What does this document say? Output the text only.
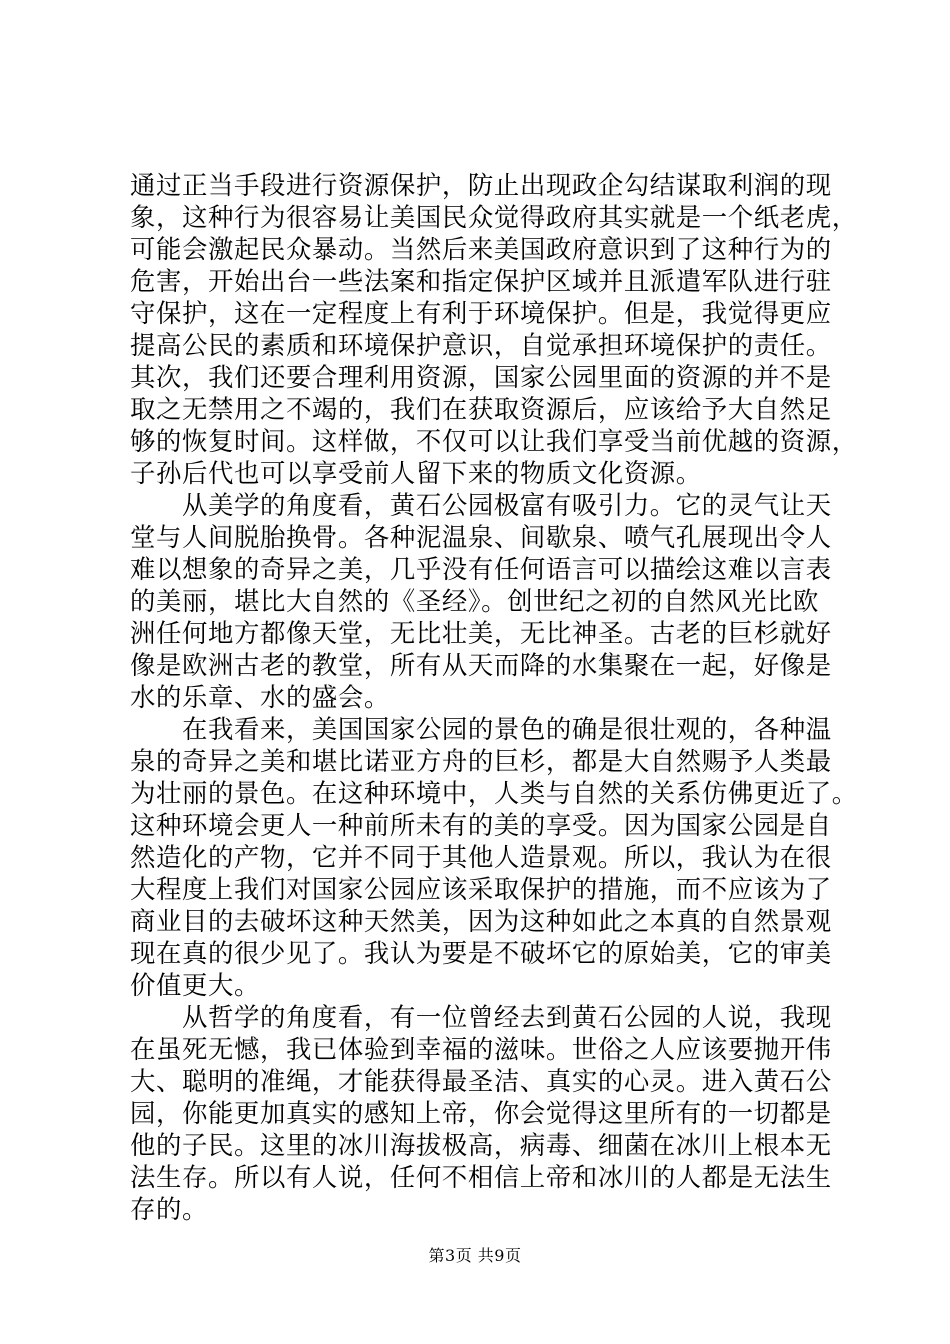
通过正当手段进行资源保护，防止出现政企勾结谋取利润的现
象，这种行为很容易让美国民众觉得政府其实就是一个纸老虎，
可能会激起民众暴动。当然后来美国政府意识到了这种行为的
危害，开始出台一些法案和指定保护区域并且派遣军队进行驻
守保护，这在一定程度上有利于环境保护。但是，我觉得更应
提高公民的素质和环境保护意识，自觉承担环境保护的责任。
其次，我们还要合理利用资源，国家公园里面的资源的并不是
取之无禁用之不竭的，我们在获取资源后，应该给予大自然足
够的恢复时间。这样做，不仅可以让我们享受当前优越的资源，
子孙后代也可以享受前人留下来的物质文化资源。
　　从美学的角度看，黄石公园极富有吸引力。它的灵气让天
堂与人间脱胎换骨。各种泥温泉、间歇泉、喷气孔展现出令人
难以想象的奇异之美，几乎没有任何语言可以描绘这难以言表
的美丽，堪比大自然的《圣经》。创世纪之初的自然风光比欧
洲任何地方都像天堂，无比壮美，无比神圣。古老的巨杉就好
像是欧洲古老的教堂，所有从天而降的水集聚在一起，好像是
水的乐章、水的盛会。
　　在我看来，美国国家公园的景色的确是很壮观的，各种温
泉的奇异之美和堪比诺亚方舟的巨杉，都是大自然赐予人类最
为壮丽的景色。在这种环境中，人类与自然的关系仿佛更近了。
这种环境会更人一种前所未有的美的享受。因为国家公园是自
然造化的产物，它并不同于其他人造景观。所以，我认为在很
大程度上我们对国家公园应该采取保护的措施，而不应该为了
商业目的去破坏这种天然美，因为这种如此之本真的自然景观
现在真的很少见了。我认为要是不破坏它的原始美，它的审美
价值更大。
　　从哲学的角度看，有一位曾经去到黄石公园的人说，我现
在虽死无憾，我已体验到幸福的滋味。世俗之人应该要抛开伟
大、聪明的准绳，才能获得最圣洁、真实的心灵。进入黄石公
园，你能更加真实的感知上帝，你会觉得这里所有的一切都是
他的子民。这里的冰川海拔极高，病毒、细菌在冰川上根本无
法生存。所以有人说，任何不相信上帝和冰川的人都是无法生
存的。
第3页 共9页
